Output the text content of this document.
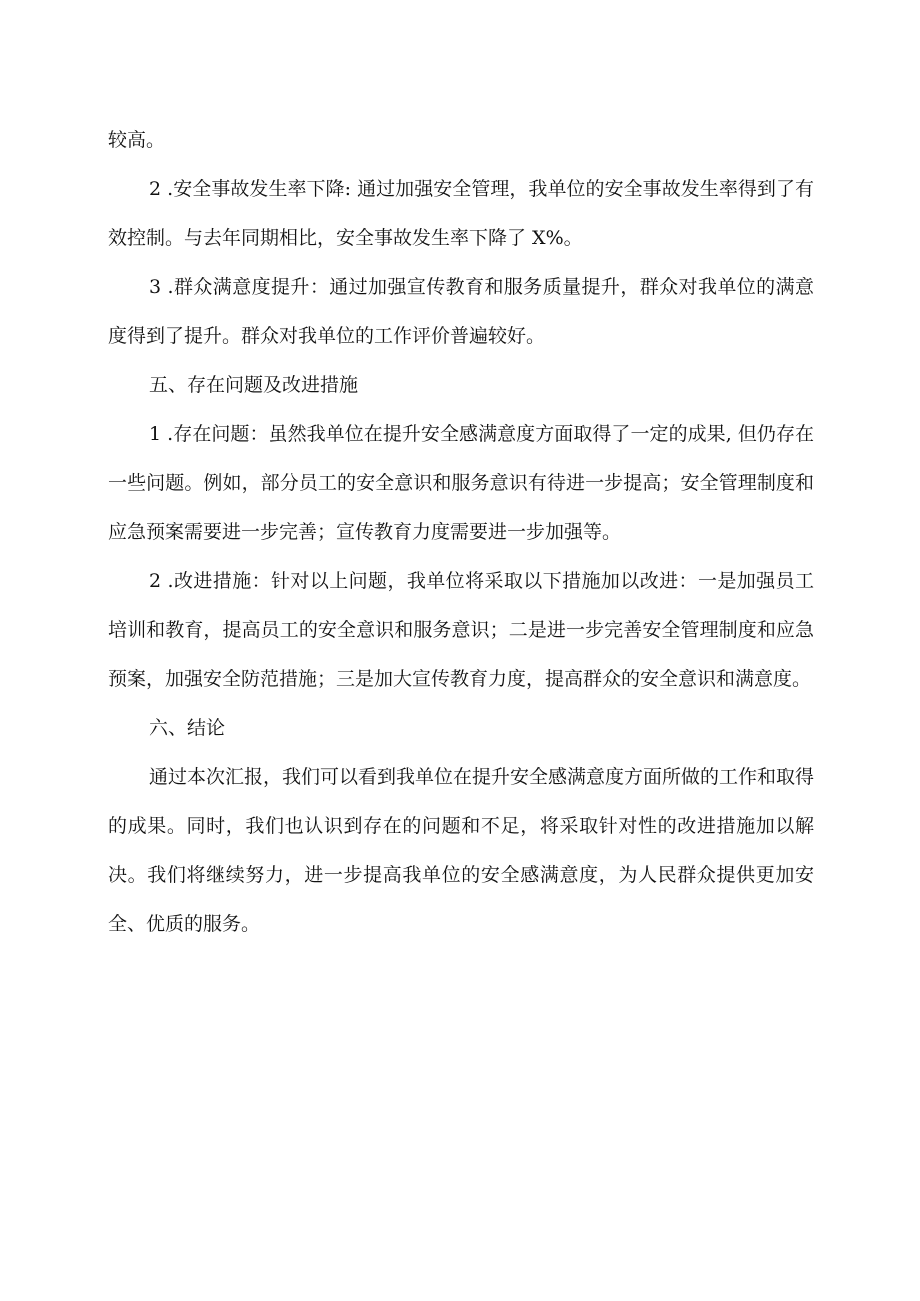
较高。

2 .安全事故发生率下降: 通过加强安全管理，我单位的安全事故发生率得到了有效控制。与去年同期相比，安全事故发生率下降了 X%。

3 .群众满意度提升：通过加强宣传教育和服务质量提升，群众对我单位的满意度得到了提升。群众对我单位的工作评价普遍较好。

五、存在问题及改进措施

1 .存在问题：虽然我单位在提升安全感满意度方面取得了一定的成果, 但仍存在一些问题。例如，部分员工的安全意识和服务意识有待进一步提高；安全管理制度和应急预案需要进一步完善；宣传教育力度需要进一步加强等。

2 .改进措施：针对以上问题，我单位将采取以下措施加以改进：一是加强员工培训和教育，提高员工的安全意识和服务意识；二是进一步完善安全管理制度和应急预案，加强安全防范措施；三是加大宣传教育力度，提高群众的安全意识和满意度。

六、结论

通过本次汇报，我们可以看到我单位在提升安全感满意度方面所做的工作和取得的成果。同时，我们也认识到存在的问题和不足，将采取针对性的改进措施加以解决。我们将继续努力，进一步提高我单位的安全感满意度，为人民群众提供更加安全、优质的服务。
